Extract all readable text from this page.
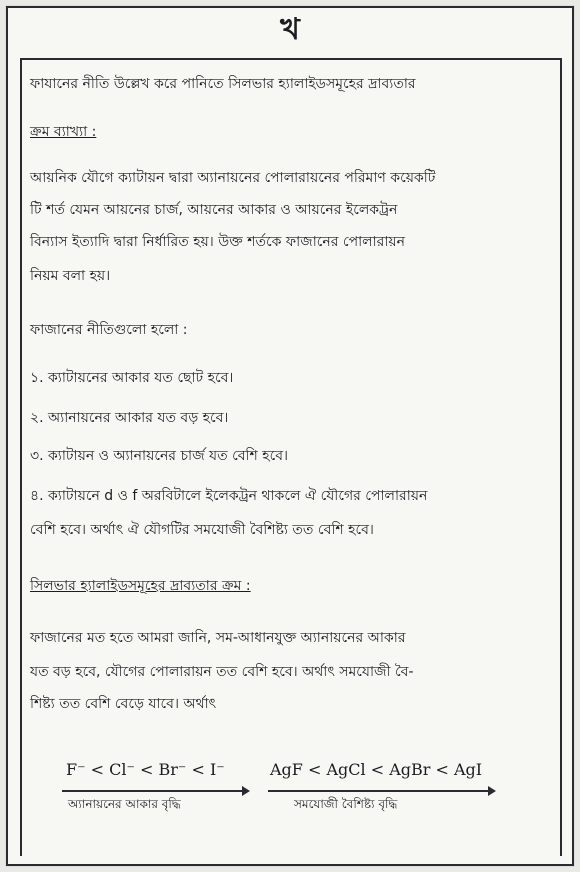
খ
ফাযানের নীতি উল্লেখ করে পানিতে সিলভার হ্যালাইডসমূহের দ্রাব্যতার
ক্রম ব্যাখ্যা :
আয়নিক যৌগে ক্যাটায়ন দ্বারা অ্যানায়নের পোলারায়নের পরিমাণ কয়েকটি
টি শর্ত যেমন আয়নের চার্জ, আয়নের আকার ও আয়নের ইলেকট্রন
বিন্যাস ইত্যাদি দ্বারা নির্ধারিত হয়। উক্ত শর্তকে ফাজানের পোলারায়ন
নিয়ম বলা হয়।
ফাজানের নীতিগুলো হলো :
১. ক্যাটায়নের আকার যত ছোট হবে।
২. অ্যানায়নের আকার যত বড় হবে।
৩. ক্যাটায়ন ও অ্যানায়নের চার্জ যত বেশি হবে।
৪. ক্যাটায়নে d ও f অরবিটালে ইলেকট্রন থাকলে ঐ যৌগের পোলারায়ন
বেশি হবে। অর্থাৎ ঐ যৌগটির সমযোজী বৈশিষ্ট্য তত বেশি হবে।
সিলভার হ্যালাইডসমূহের দ্রাব্যতার ক্রম :
ফাজানের মত হতে আমরা জানি, সম-আধানযুক্ত অ্যানায়নের আকার
যত বড় হবে, যৌগের পোলারায়ন তত বেশি হবে। অর্থাৎ সমযোজী বৈ-
শিষ্ট্য তত বেশি বেড়ে যাবে। অর্থাৎ
F⁻ < Cl⁻ < Br⁻ < I⁻
অ্যানায়নের আকার বৃদ্ধি
AgF < AgCl < AgBr < AgI
সমযোজী বৈশিষ্ট্য বৃদ্ধি
